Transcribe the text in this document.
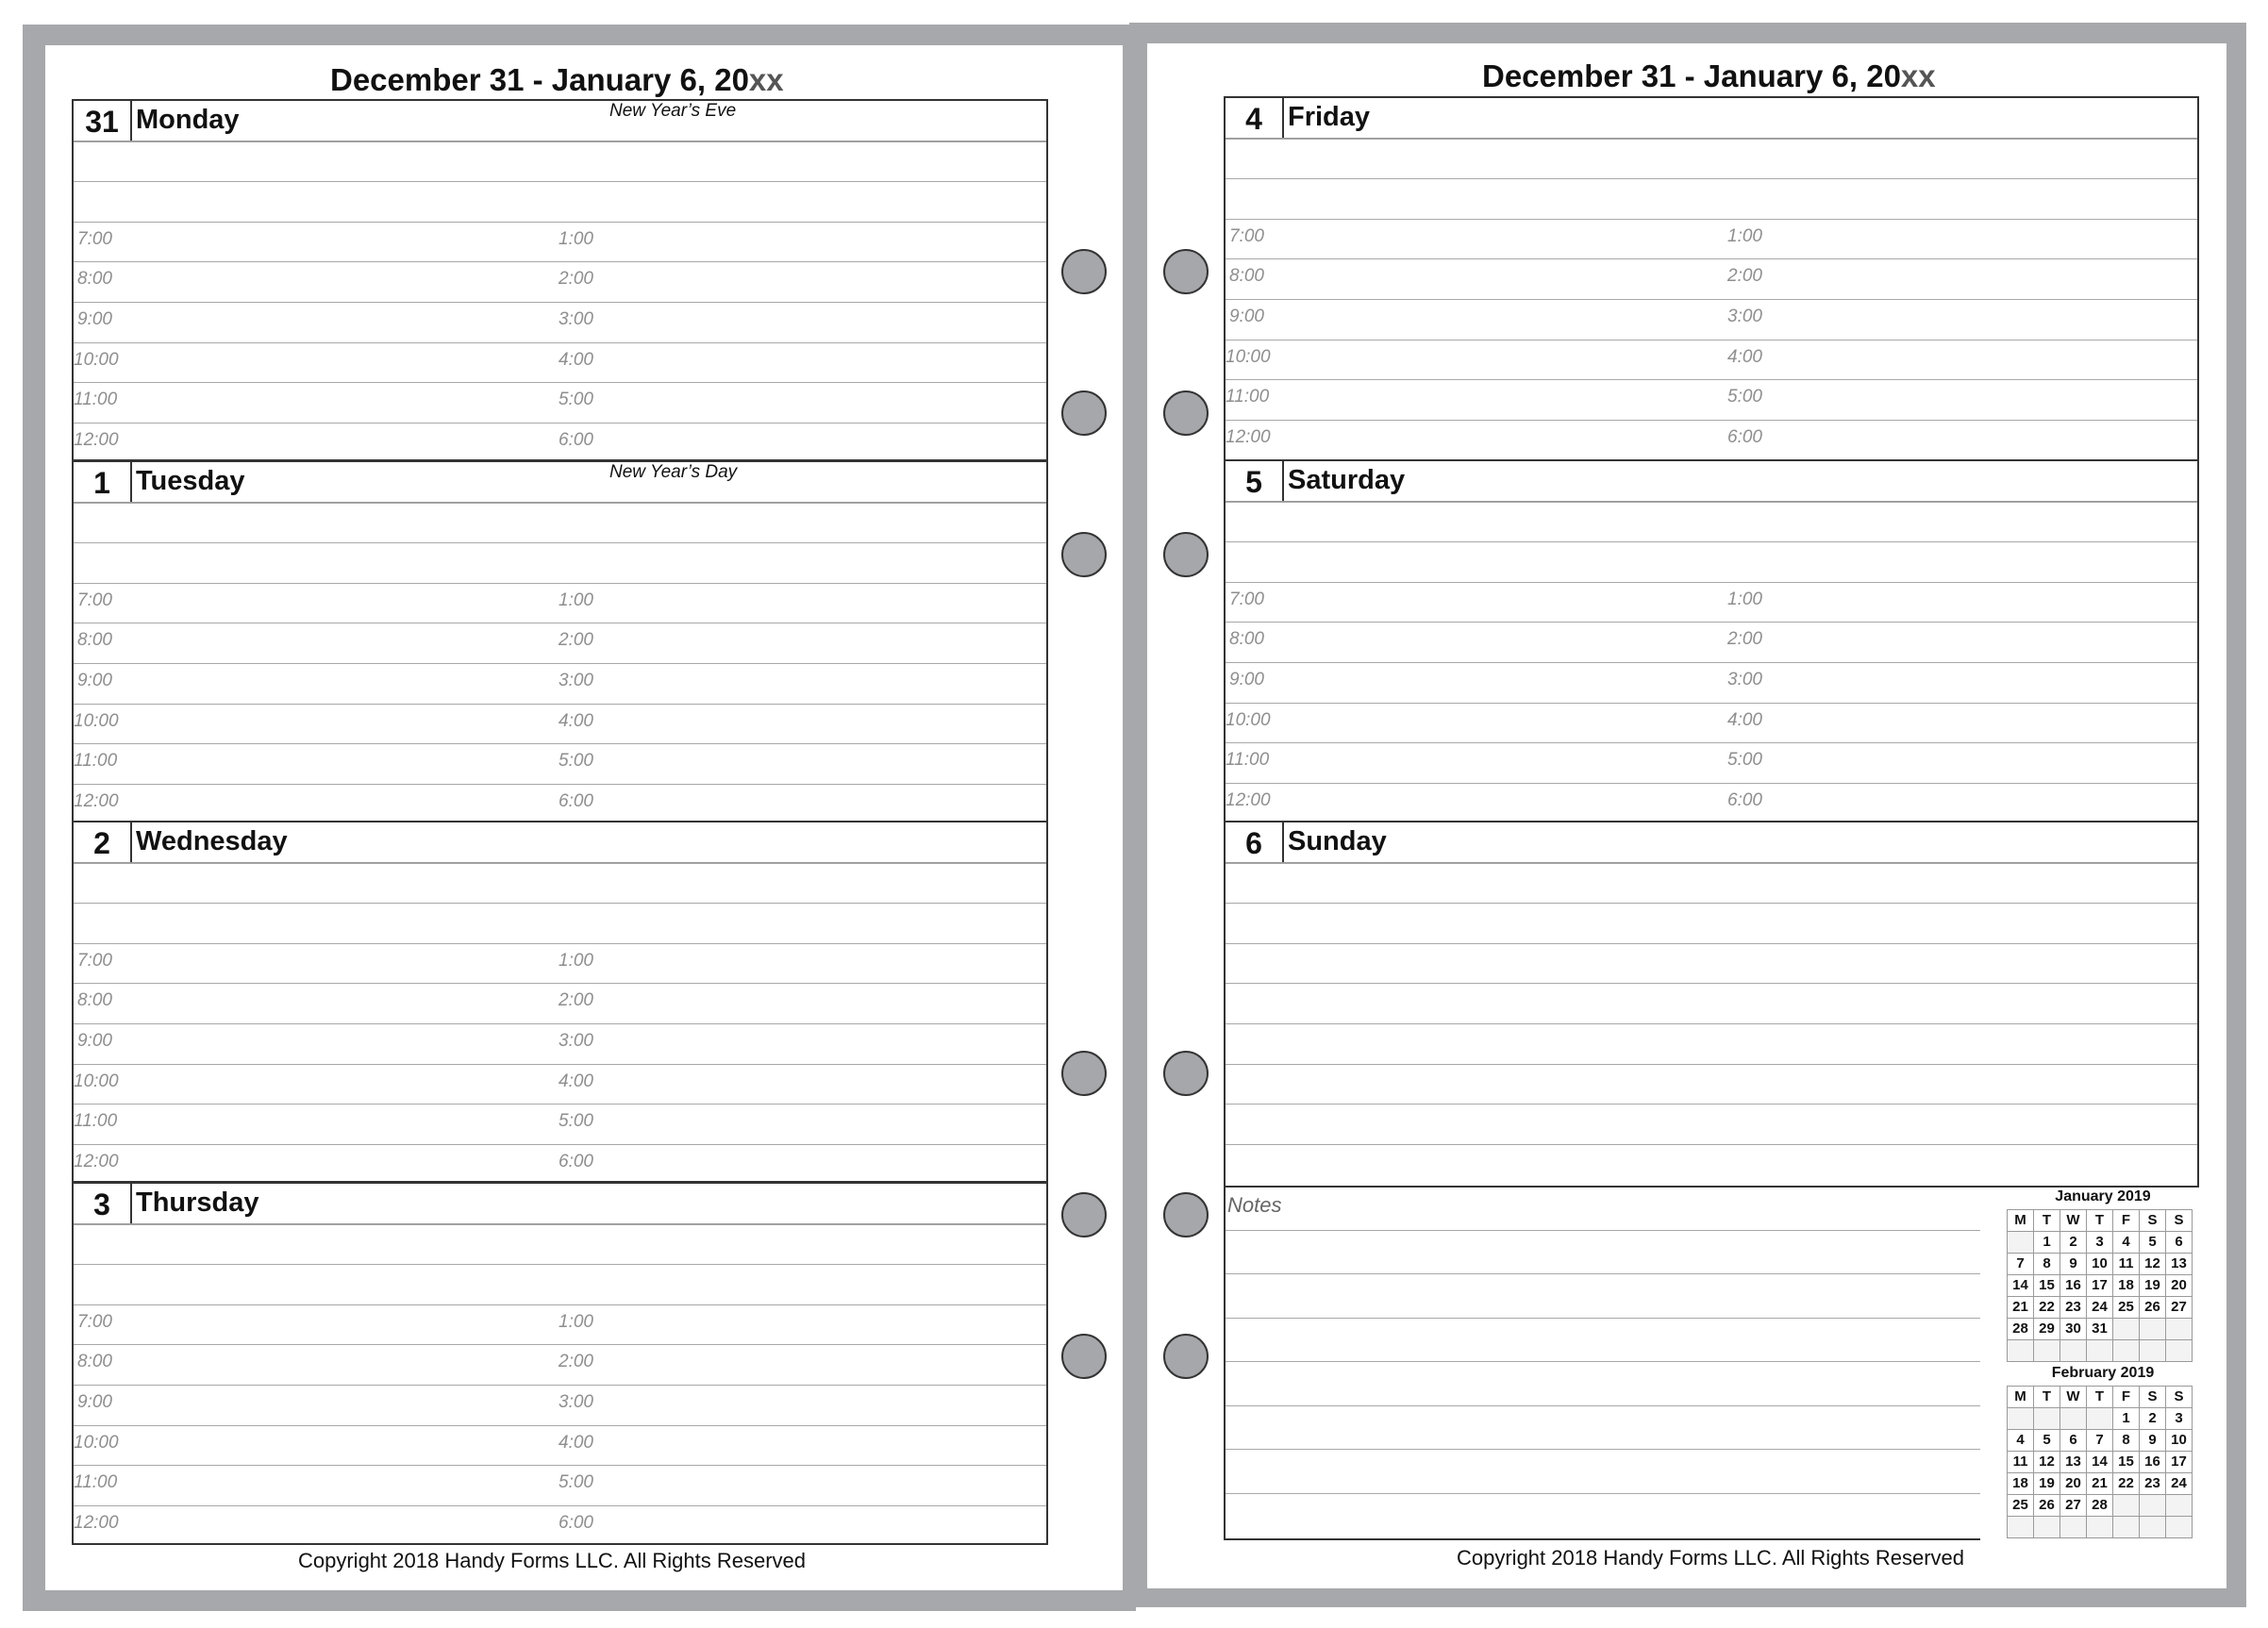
December 31 - January 6, 20xx	December 31 - January 6, 20xx
31 Monday	New Year’s Eve
7:00	1:00
8:00	2:00
9:00	3:00
10:00	4:00
11:00	5:00
12:00	6:00
1 Tuesday	New Year’s Day
7:00	1:00
8:00	2:00
9:00	3:00
10:00	4:00
11:00	5:00
12:00	6:00
2 Wednesday
7:00	1:00
8:00	2:00
9:00	3:00
10:00	4:00
11:00	5:00
12:00	6:00
3 Thursday
7:00	1:00
8:00	2:00
9:00	3:00
10:00	4:00
11:00	5:00
12:00	6:00
4 Friday
7:00	1:00
8:00	2:00
9:00	3:00
10:00	4:00
11:00	5:00
12:00	6:00
5 Saturday
7:00	1:00
8:00	2:00
9:00	3:00
10:00	4:00
11:00	5:00
12:00	6:00
6 Sunday
Notes	January 2019
M	T	W	T	F	S	S
	1	2	3	4	5	6
7	8	9	10	11	12	13
14	15	16	17	18	19	20
21	22	23	24	25	26	27
28	29	30	31			

February 2019
M	T	W	T	F	S	S
				1	2	3
4	5	6	7	8	9	10
11	12	13	14	15	16	17
18	19	20	21	22	23	24
25	26	27	28			

Copyright 2018 Handy Forms LLC. All Rights Reserved	Copyright 2018 Handy Forms LLC. All Rights Reserved
